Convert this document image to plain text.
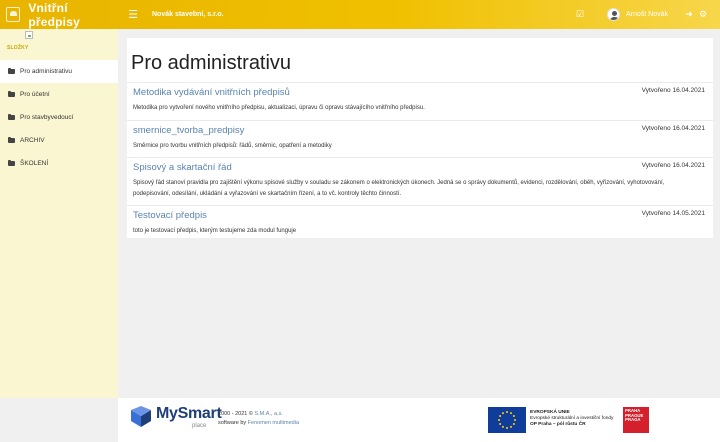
Vnitřní předpisy	☰	Novák stavební, s.r.o.	☑	Arnošt Novák	➜ ⚙
SLOŽKY
Pro administrativu
Pro účetní
Pro stavbyvedoucí
ARCHIV
ŠKOLENÍ
Pro administrativu
Metodika vydávání vnitřních předpisů	Vytvořeno 16.04.2021

Metodika pro vytvoření nového vnitřního předpisu, aktualizaci, úpravu či opravu stávajícího vnitřního předpisu.

smernice_tvorba_predpisy	Vytvořeno 16.04.2021

Směrnice pro tvorbu vnitřních předpisů: řádů, směrnic, opatření a metodiky

Spisový a skartační řád	Vytvořeno 16.04.2021

Spisový řád stanoví pravidla pro zajištění výkonu spisové služby v souladu se zákonem o elektronických úkonech. Jedná se o správy dokumentů, evidenci, rozdělování, oběh, vyřizování, vyhotovování, podepisování, odesílání, ukládání a vyřazování ve skartačním řízení, a to vč. kontroly těchto činností.

Testovací předpis	Vytvořeno 14.05.2021

toto je testovací předpis, kterým testujeme zda modul funguje

MySmart
place
2000 - 2021 © S.M.A., a.s.
software by Fenomen multimedia
EVROPSKÁ UNIE
Evropské strukturální a investiční fondy
OP Praha – pól růstu ČR
PRAHA
PRAGUE
PRAGA
